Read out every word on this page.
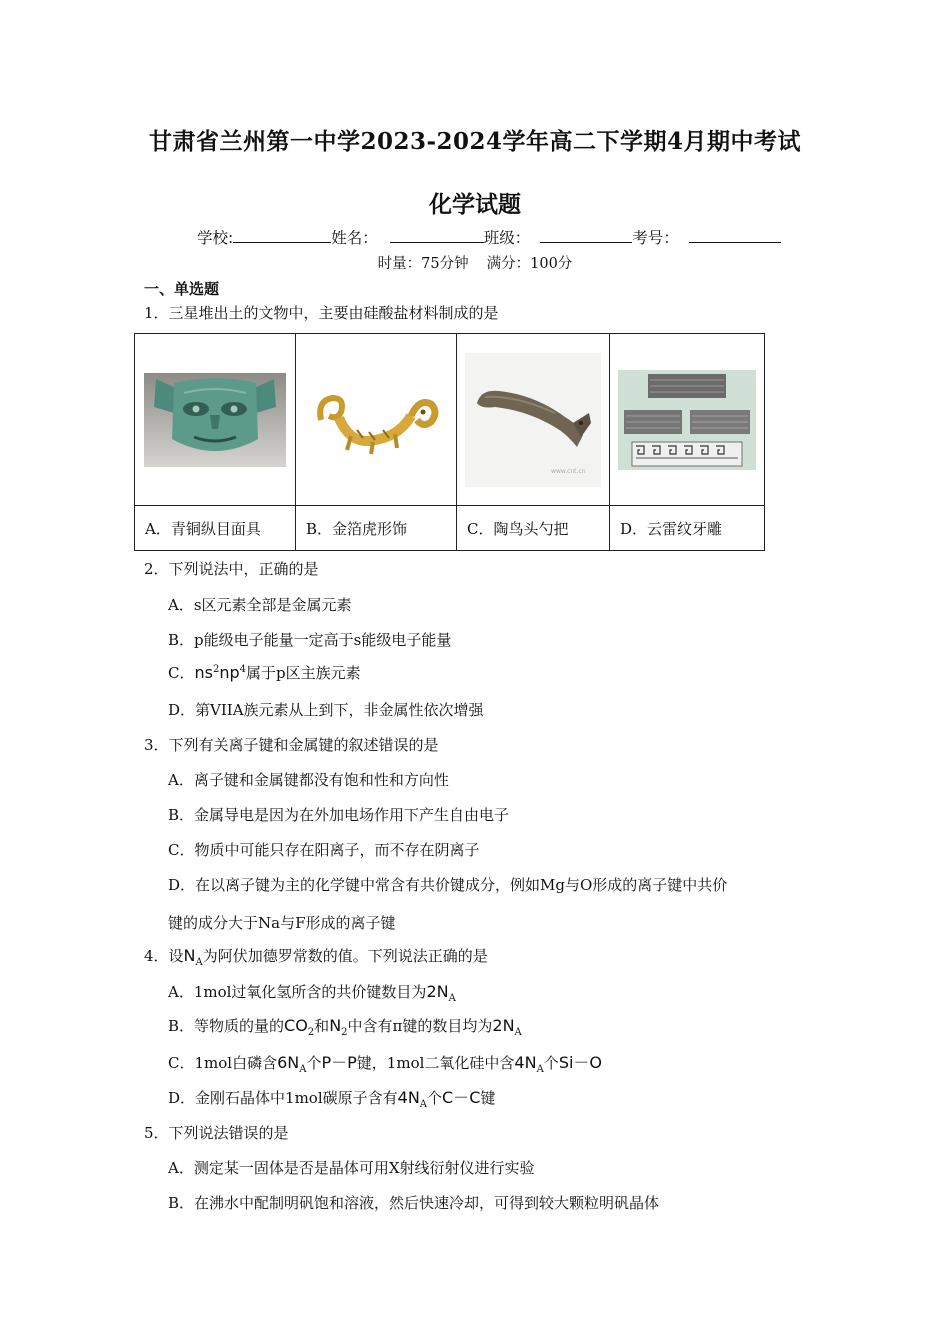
甘肃省兰州第一中学2023-2024学年高二下学期4月期中考试
化学试题
学校:	姓名：	班级：	考号：
时量：75分钟 满分：100分
一、单选题
1．三星堆出土的文物中，主要由硅酸盐材料制成的是

www.cnt.cn

A．青铜纵目面具	B．金箔虎形饰	C．陶鸟头勺把	D．云雷纹牙雕
2．下列说法中，正确的是
A．s区元素全部是金属元素
B．p能级电子能量一定高于s能级电子能量
C．$ns^2np^4$属于p区主族元素
D．第VIIA族元素从上到下，非金属性依次增强
3．下列有关离子键和金属键的叙述错误的是
A．离子键和金属键都没有饱和性和方向性
B．金属导电是因为在外加电场作用下产生自由电子
C．物质中可能只存在阳离子，而不存在阴离子
D．在以离子键为主的化学键中常含有共价键成分，例如Mg与O形成的离子键中共价
键的成分大于Na与F形成的离子键
4．设$N_A$为阿伏加德罗常数的值。下列说法正确的是
A．1mol过氧化氢所含的共价键数目为$2N_A$
B．等物质的量的$CO_2$和$N_2$中含有π键的数目均为$2N_A$
C．1mol白磷含$6N_A$个P－P键，1mol二氧化硅中含$4N_A$个Si－O
D．金刚石晶体中1mol碳原子含有$4N_A$个C－C键
5．下列说法错误的是
A．测定某一固体是否是晶体可用X射线衍射仪进行实验
B．在沸水中配制明矾饱和溶液，然后快速冷却，可得到较大颗粒明矾晶体
